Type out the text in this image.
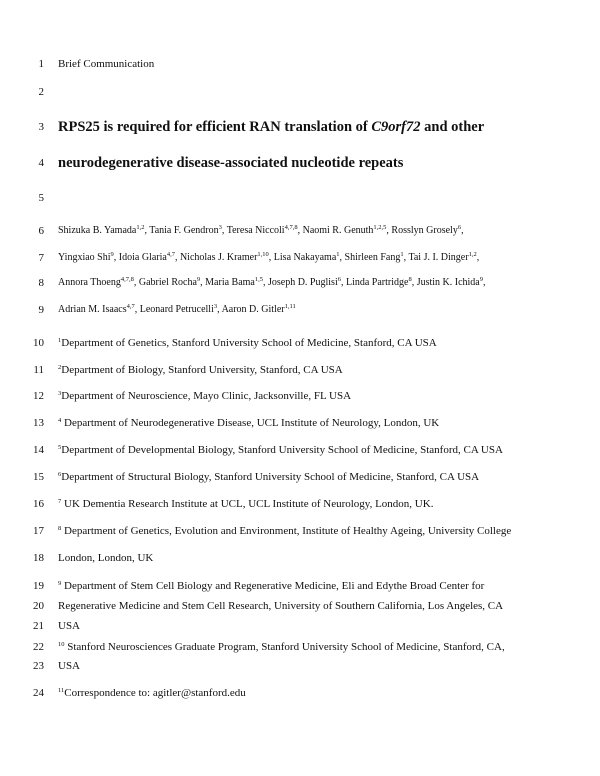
1
2
3
4
5
6
7
8
9
10
11
12
13
14
15
16
17
18
19
20
21
22
23
24
Brief Communication
RPS25 is required for efficient RAN translation of C9orf72 and other
neurodegenerative disease-associated nucleotide repeats
Shizuka B. Yamada$^{1,2}$, Tania F. Gendron$^3$, Teresa Niccoli$^{4,7,8}$, Naomi R. Genuth$^{1,2,5}$, Rosslyn Grosely$^6$,
Yingxiao Shi$^9$, Idoia Glaria$^{4,7}$, Nicholas J. Kramer$^{1,10}$, Lisa Nakayama$^1$, Shirleen Fang$^1$, Tai J. I. Dinger$^{1,2}$,
Annora Thoeng$^{4,7,8}$, Gabriel Rocha$^9$, Maria Bama$^{1,5}$, Joseph D. Puglisi$^6$, Linda Partridge$^8$, Justin K. Ichida$^9$,
Adrian M. Isaacs$^{4,7}$, Leonard Petrucelli$^3$, Aaron D. Gitler$^{1,11}$
$^1$Department of Genetics, Stanford University School of Medicine, Stanford, CA USA
$^2$Department of Biology, Stanford University, Stanford, CA USA
$^3$Department of Neuroscience, Mayo Clinic, Jacksonville, FL USA
$^4$ Department of Neurodegenerative Disease, UCL Institute of Neurology, London, UK
$^5$Department of Developmental Biology, Stanford University School of Medicine, Stanford, CA USA
$^6$Department of Structural Biology, Stanford University School of Medicine, Stanford, CA USA
$^7$ UK Dementia Research Institute at UCL, UCL Institute of Neurology, London, UK.
$^8$ Department of Genetics, Evolution and Environment, Institute of Healthy Ageing, University College
London, London, UK
$^9$ Department of Stem Cell Biology and Regenerative Medicine, Eli and Edythe Broad Center for
Regenerative Medicine and Stem Cell Research, University of Southern California, Los Angeles, CA
USA
$^{10}$ Stanford Neurosciences Graduate Program, Stanford University School of Medicine, Stanford, CA,
USA
$^{11}$Correspondence to: agitler@stanford.edu
